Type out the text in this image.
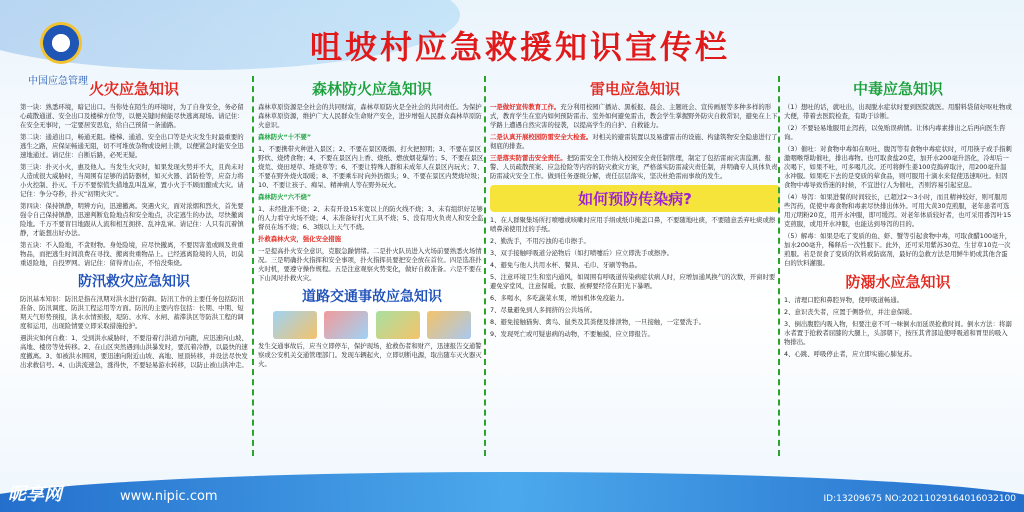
中国应急管理
咀坡村应急救援知识宣传栏
火灾应急知识

第一诀：熟悉环境，暗记出口。当你处在陌生的环境时，为了自身安全，务必留心疏散通道、安全出口及楼梯方位等，以便关键时候能尽快逃离现场。请记住：在安全无事时，一定要居安思危，给自己预留一条通路。

第二诀：通道出口，畅通无阻。楼梯、通道、安全出口等是火灾发生时最重要的逃生之路，应保证畅通无阻，切不可堆放杂物或设闸上锁，以便紧急时能安全迅速地通过。请记住：自断后路，必死无疑。

第三诀：扑灭小火，惠及他人。当发生火灾时，如果发现火势并不大，且尚未对人造成很大威胁时，当周围有足够的消防器材，如灭火器、消防栓等，应奋力将小火控制、扑灭。千万不要惊慌失措地乱叫乱窜，置小火于不顾而酿成大灾。请记住：争分夺秒，扑灭“初期火灾”。

第四诀：保持镇静，明辨方向，迅速撤离。突遇火灾，面对浓烟和烈火，首先要强令自己保持镇静，迅速判断危险地点和安全地点，决定逃生的办法，尽快撤离险地。千万不要盲目地跟从人流和相互拥挤、乱冲乱窜。请记住：人只有沉着镇静，才能想出好办法。

第五诀：不入险地，不贪财物。身处险境，应尽快撤离，不要因害羞或顾及贵重物品，而把逃生时间浪费在寻找、搬离贵重物品上。已经逃离险境的人员，切莫重返险地，自投罗网。请记住：留得青山在，不怕没柴烧。

防汛救灾应急知识

防汛基本知识：防汛是指在汛期对洪水进行防御。防汛工作的主要任务包括防汛准备、防汛调度、防洪工程运用等方面。防汛的主要内容包括：长期、中期、短期天气形势预报，洪水水情预报，堤防、水库、水闸、蓄滞洪区等防洪工程的调度和运用，出现险情要立即采取措施抢护。

遇洪灾如何自救：1、受到洪水威胁时，不要沿着行洪道方向跑，应迅速向山坡、高地、楼房等处转移。2、在山区突然遇到山洪暴发时，要沉着冷静，以最快的速度撤离。3、如被洪水围困，要迅速向附近山坡、高地、屋顶转移，并设法尽快发出求救信号。4、山洪流速急，涨得快，不要轻易游水转移，以防止被山洪冲走。

森林防火应急知识

森林草原资源是全社会的共同财富，森林草原防火是全社会的共同责任。为保护森林草原资源，维护广大人民群众生命财产安全，进步增强人民群众森林草原防火意识。

森林防火“十不要”

1、不要携带火种进入景区；2、不要在景区吸烟、打火把照明；3、不要在景区野炊、烧烤食物；4、不要在景区内上香、烧纸、燃放烟花爆竹；5、不要在景区烧荒、烧田埂草、堆烧草等；6、不要让特殊人群和未成年人在景区内玩火；7、不要在野外烧火取暖；8、不要乘车时向外扔烟头；9、不要在景区内焚烧垃圾；10、不要让孩子、痴呆、精神病人等在野外玩火。

森林防火“六不烧”

1、未经批准不烧；2、未有开设15米宽以上的防火线不烧；3、未有组织好足够的人力看守火场不烧；4、未准备好打火工具不烧；5、没有用火负责人和安全监督员在场不烧；6、3级以上天气不烧。

扑救森林火灾，强化安全措施

一是提高扑火安全意识，克服急躁情绪。二是扑火队员进入火场前要熟悉火场情况。三是明确扑火指挥和安全事项，扑火指挥员要把安全放在首位。四是选准扑火时机，要遵守操作规程。五是注意观察火势变化，做好自救准备。六是不要在下山风时扑救火灾。

道路交通事故应急知识

发生交通事故后，应当立即停车，保护现场，抢救伤者和财产，迅速报告交通警察或公安机关交通管理部门。发现车辆起火，立即切断电源，取出随车灭火器灭火。

雷电应急知识

一是做好宣传教育工作。充分利用校园广播站、黑板报、晨会、主题班会、宣传画展等多种多样的形式，教育学生在室内如何预防雷击、室外如何避免雷击，教会学生掌握野外防灾自救常识，避免在上下学路上遭遇自然灾害的侵袭，以提高学生的自护、自救能力。

二是认真开展校园防雷安全大检查。对相关的避雷装置以及易遭雷击的设施、构建筑物安全隐患进行了彻底的排查。

三是落实防雷击安全责任。把防雷安全工作纳入校园安全责任制管理，制定了包括雷雨灾害监测、报警、人员疏散预案、应急抢险等内容的防灾救灾方案，严格落实防雷减灾责任制，并明确专人具体负责防雷减灾安全工作。做到任务逐级分解，责任层层落实，坚决杜绝雷雨事故的发生。

如何预防传染病?

1、在人群聚集场所打喷嚏或咳嗽时应用手绢或纸巾掩盖口鼻，不要随地吐痰，不要随意丢弃吐痰或擦喷鼻涕使用过的手纸。

2、勤洗手，不用污浊的毛巾擦手。

3、双手接触呼吸道分泌物后（如打喷嚏后）应立即洗手或擦净。

4、避免与他人共用水杯、餐具、毛巾、牙刷等物品。

5、注意环境卫生和室内通风，如周围有呼吸道传染病症状病人时，应增加通风换气的次数，开窗时要避免穿堂风，注意保暖。衣服、被褥要经常在阳光下暴晒。

6、多喝水，多吃蔬菜水果，增加机体免疫能力。

7、尽量避免到人多拥挤的公共场所。

8、避免接触猫狗、禽鸟、鼠类及其粪便及排泄物，一旦接触，一定要洗手。

9、发现死亡或可疑患病的动物，不要触摸，应立即报告。

中毒应急知识

（1）想吐的话，就吐出，出现脱水症状时要到医院就医。用腊料袋留好呕吐物或大便，带着去医院检查，有助于诊断。

（2）不要轻易地服用止泻药，以免贻误病情。让体内毒素排出之后再向医生咨询。

（3）催吐：对食物中毒如在呕吐、腹泻等有食物中毒症状时，可用筷子或手指刺激咽喉帮助催吐，排出毒物。也可取食盐20克，加开水200毫升溶化，冷却后一次喝下，如果不吐，可多喝几次。还可将鲜生姜100克捣碎取汁，用200毫升温水冲服。如果吃下去的是变质的荤食品，则可服用十滴水来促使迅速呕吐。但因食物中毒导致昏迷的时候，不宜进行人为催吐，否则容易引起窒息。

（4）导泻：如果进餐的时间较长，已超过2～3小时，而且精神较好，则可服用些泻药，促使中毒食物和毒素尽快排出体外。可用大黄30克煎服，老年患者可选用元明粉20克，用开水冲服，即可缓泻。对老年体质较好者，也可采用番泻叶15克煎服，或用开水冲服，也能达到导泻的目的。

（5）解毒：如果是吃了变质的鱼、虾、蟹等引起食物中毒，可取食醋100毫升，加水200毫升，稀释后一次性服下。此外，还可采用紫苏30克、生甘草10克一次煎服。若是误食了变质的饮料或防腐剂，最好的急救方法是用鲜牛奶或其他含蛋白的饮料灌服。

防溺水应急知识

1、清理口腔和鼻腔异物，使呼吸道畅通。

2、意识丧失者，应置于侧卧位，并注意保暖。

3、倒出腹腔内吸入物，但要注意不可一味倒水而延误抢救时间。倒水方法：将溺水者置于抢救者屈膝的大腿上，头部朝下，按压其背部迫使呼吸道和胃里的吸入物排出。

4、心跳、呼吸停止者，应立即实施心肺复苏。

昵享网	www.nipic.com	ID:13209675 NO:20211029164016032100
